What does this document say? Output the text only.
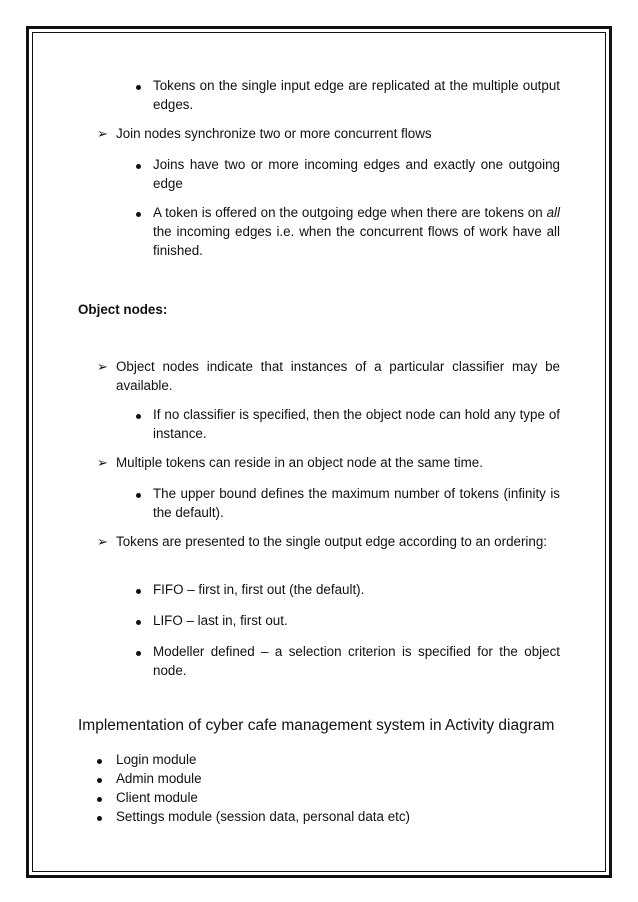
Tokens on the single input edge are replicated at the multiple output edges.
➢ Join nodes synchronize two or more concurrent flows
Joins have two or more incoming edges and exactly one outgoing edge
A token is offered on the outgoing edge when there are tokens on all the incoming edges i.e. when the concurrent flows of work have all finished.
Object nodes:
➢ Object nodes indicate that instances of a particular classifier may be available.
If no classifier is specified, then the object node can hold any type of instance.
➢ Multiple tokens can reside in an object node at the same time.
The upper bound defines the maximum number of tokens (infinity is the default).
➢ Tokens are presented to the single output edge according to an ordering:
FIFO – first in, first out (the default).
LIFO – last in, first out.
Modeller defined – a selection criterion is specified for the object node.
Implementation of cyber cafe management system in Activity diagram
Login module
Admin module
Client module
Settings module (session data, personal data etc)
